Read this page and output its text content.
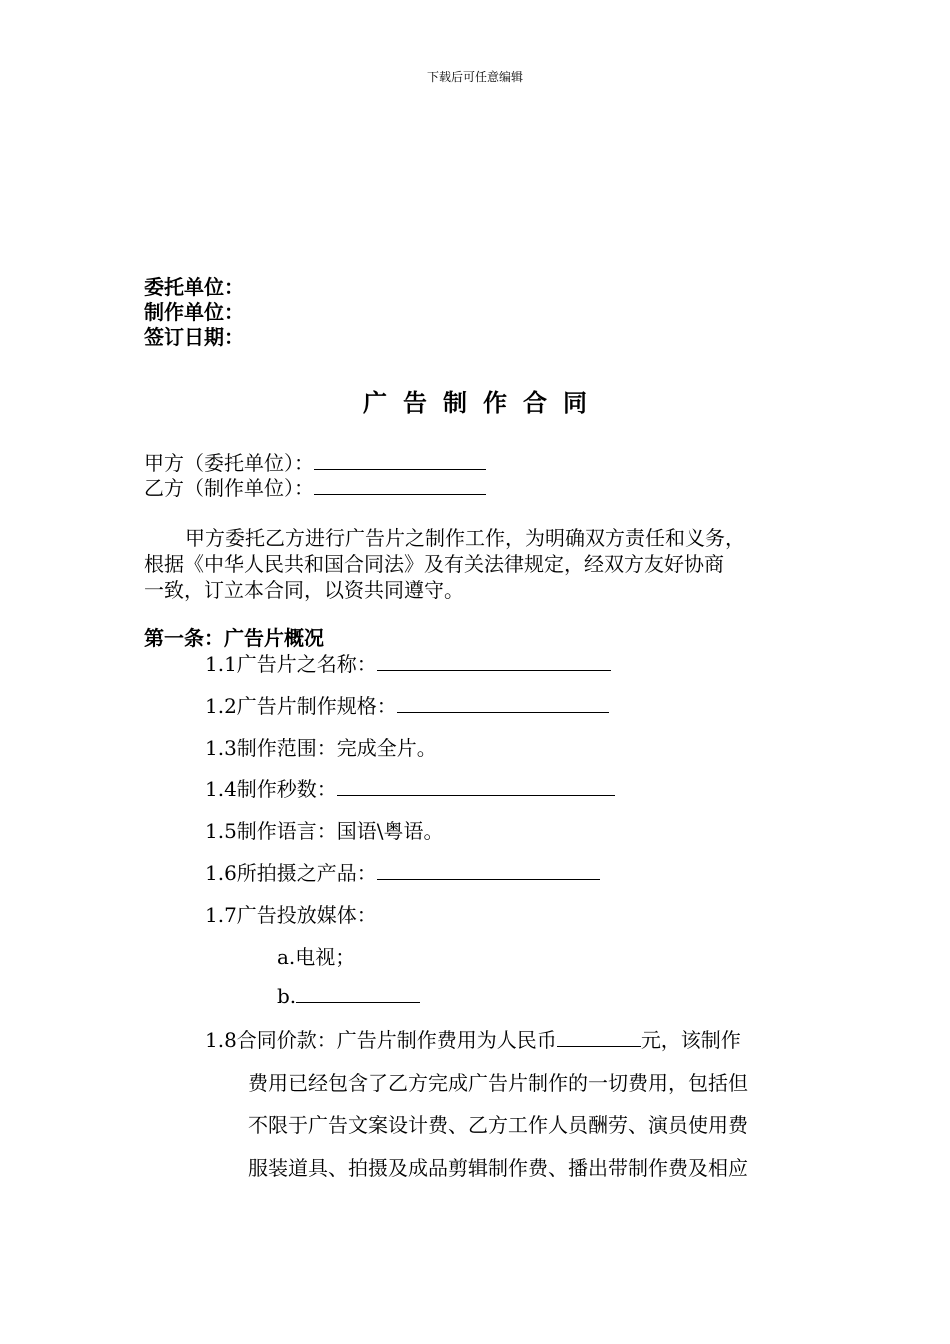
下载后可任意编辑
委托单位：
制作单位：
签订日期：
广告制作合同
甲方（委托单位）：
乙方（制作单位）：
甲方委托乙方进行广告片之制作工作，为明确双方责任和义务，
根据《中华人民共和国合同法》及有关法律规定，经双方友好协商
一致，订立本合同，以资共同遵守。
第一条：广告片概况
1.1广告片之名称：
1.2广告片制作规格：
1.3制作范围：完成全片。
1.4制作秒数：
1.5制作语言：国语\粤语。
1.6所拍摄之产品：
1.7广告投放媒体：
a.电视；
b.
1.8合同价款：广告片制作费用为人民币	元，该制作
费用已经包含了乙方完成广告片制作的一切费用，包括但
不限于广告文案设计费、乙方工作人员酬劳、演员使用费
服装道具、拍摄及成品剪辑制作费、播出带制作费及相应
